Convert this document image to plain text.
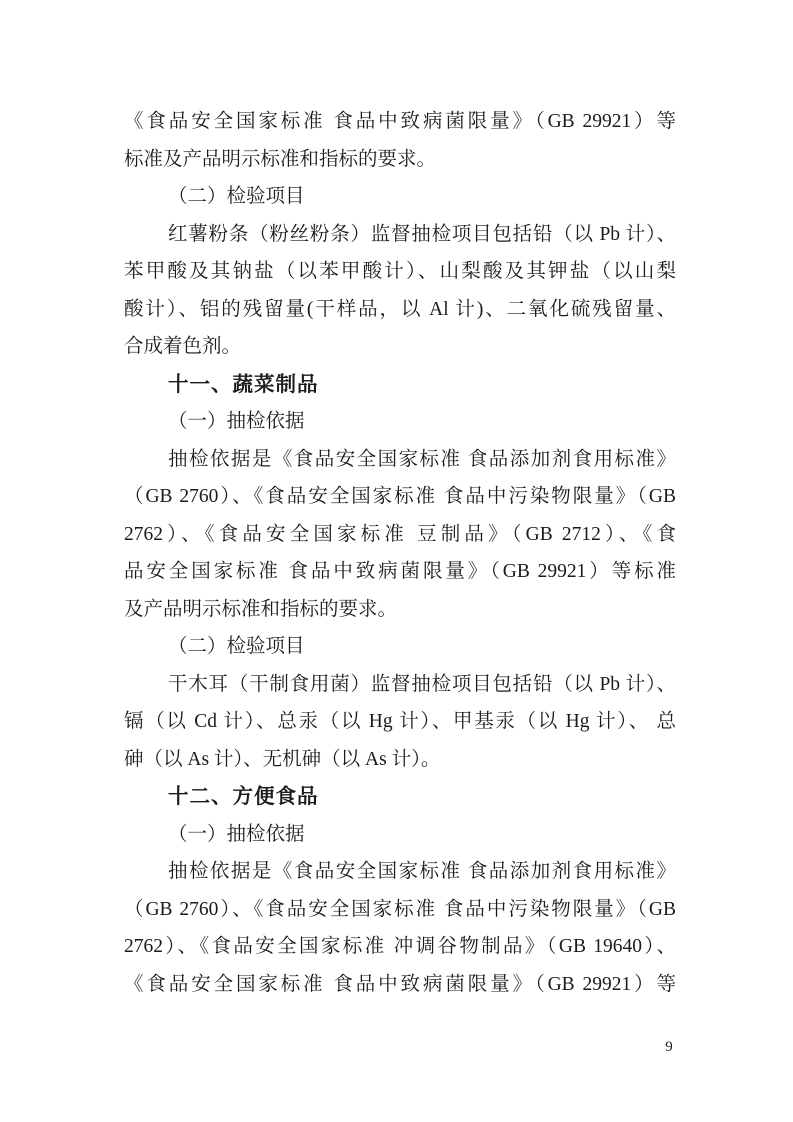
《食品安全国家标准 食品中致病菌限量》（GB 29921）等
标准及产品明示标准和指标的要求。
（二）检验项目
红薯粉条（粉丝粉条）监督抽检项目包括铅（以 Pb 计）、
苯甲酸及其钠盐（以苯甲酸计）、山梨酸及其钾盐（以山梨
酸计）、铝的残留量(干样品，以 Al 计)、二氧化硫残留量、
合成着色剂。
十一、蔬菜制品
（一）抽检依据
抽检依据是《食品安全国家标准 食品添加剂食用标准》
（GB 2760）、《食品安全国家标准 食品中污染物限量》（GB
2762）、《食品安全国家标准 豆制品》（GB 2712）、《食
品安全国家标准 食品中致病菌限量》（GB 29921）等标准
及产品明示标准和指标的要求。
（二）检验项目
干木耳（干制食用菌）监督抽检项目包括铅（以 Pb 计）、
镉（以 Cd 计）、总汞（以 Hg 计）、甲基汞（以 Hg 计）、 总
砷（以 As 计）、无机砷（以 As 计）。
十二、方便食品
（一）抽检依据
抽检依据是《食品安全国家标准 食品添加剂食用标准》
（GB 2760）、《食品安全国家标准 食品中污染物限量》（GB
2762）、《食品安全国家标准 冲调谷物制品》（GB 19640）、
《食品安全国家标准 食品中致病菌限量》（GB 29921）等
9
